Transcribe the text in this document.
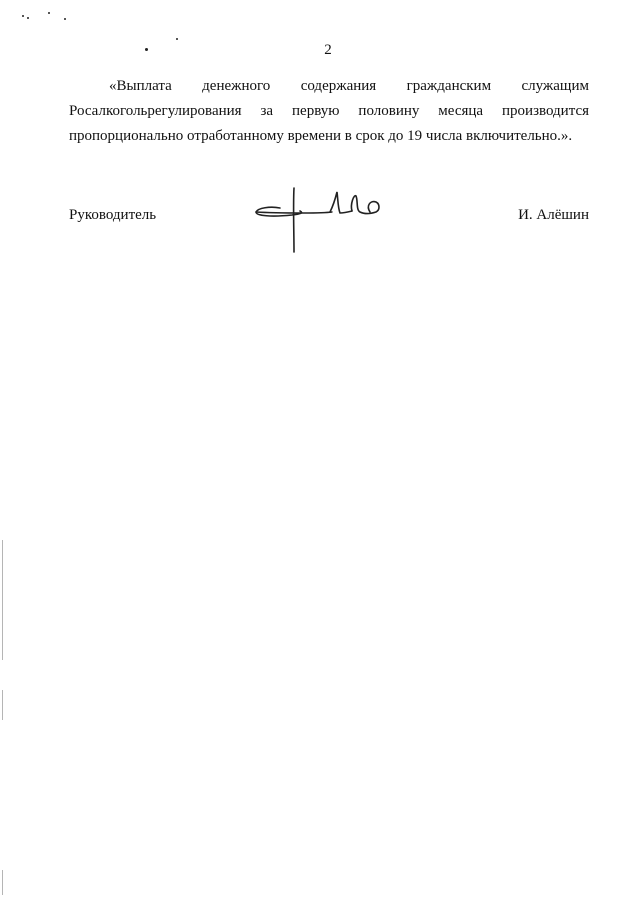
2
«Выплата денежного содержания гражданским служащим
Росалкогольрегулирования за первую половину месяца производится
пропорционально отработанному времени в срок до 19 числа включительно.».
Руководитель	И. Алёшин
